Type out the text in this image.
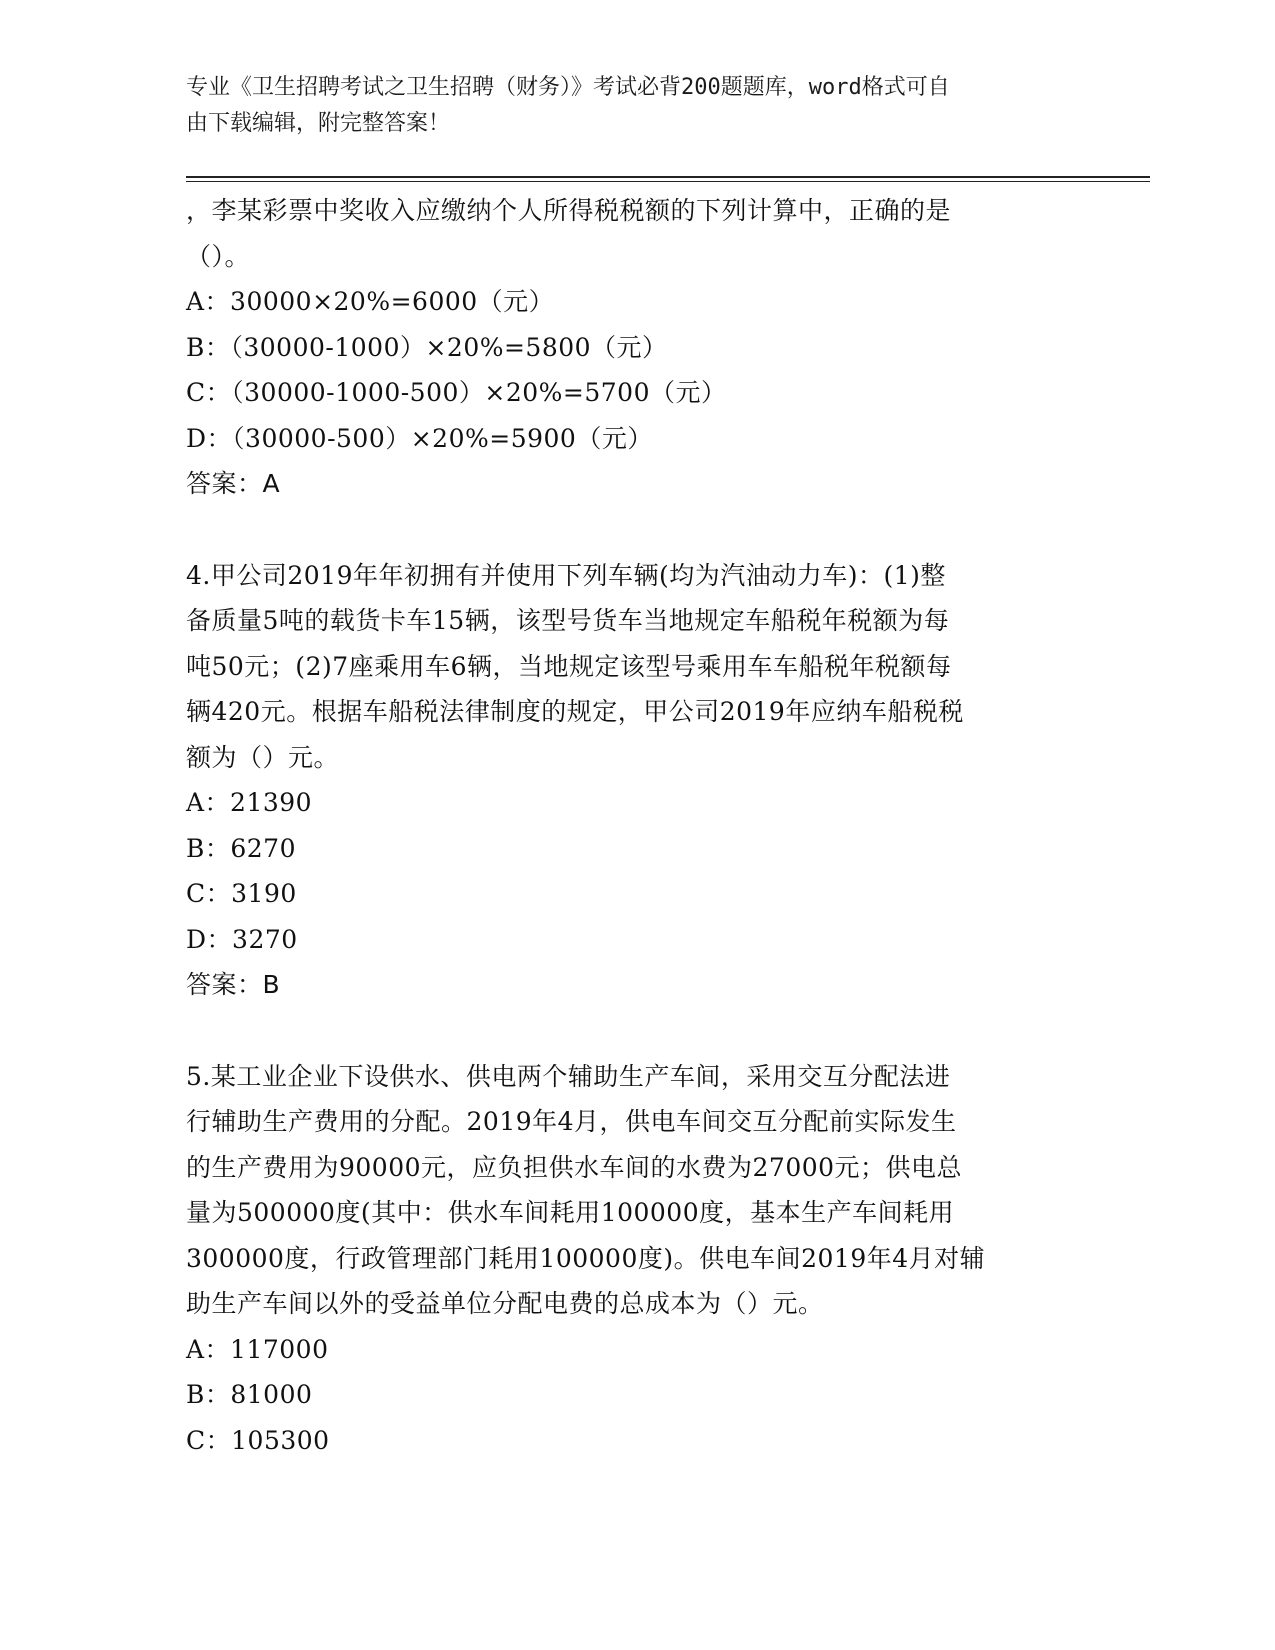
专业《卫生招聘考试之卫生招聘（财务）》考试必背200题题库，word格式可自
由下载编辑，附完整答案！

，李某彩票中奖收入应缴纳个人所得税税额的下列计算中，正确的是

（）。

A：30000×20%=6000（元）

B：（30000-1000）×20%=5800（元）

C：（30000-1000-500）×20%=5700（元）

D：（30000-500）×20%=5900（元）

答案：A

4.甲公司2019年年初拥有并使用下列车辆(均为汽油动力车)：(1)整

备质量5吨的载货卡车15辆，该型号货车当地规定车船税年税额为每

吨50元；(2)7座乘用车6辆，当地规定该型号乘用车车船税年税额每

辆420元。根据车船税法律制度的规定，甲公司2019年应纳车船税税

额为（）元。

A：21390

B：6270

C：3190

D：3270

答案：B

5.某工业企业下设供水、供电两个辅助生产车间，采用交互分配法进

行辅助生产费用的分配。2019年4月，供电车间交互分配前实际发生

的生产费用为90000元，应负担供水车间的水费为27000元；供电总

量为500000度(其中：供水车间耗用100000度，基本生产车间耗用

300000度，行政管理部门耗用100000度)。供电车间2019年4月对辅

助生产车间以外的受益单位分配电费的总成本为（）元。

A：117000

B：81000

C：105300
